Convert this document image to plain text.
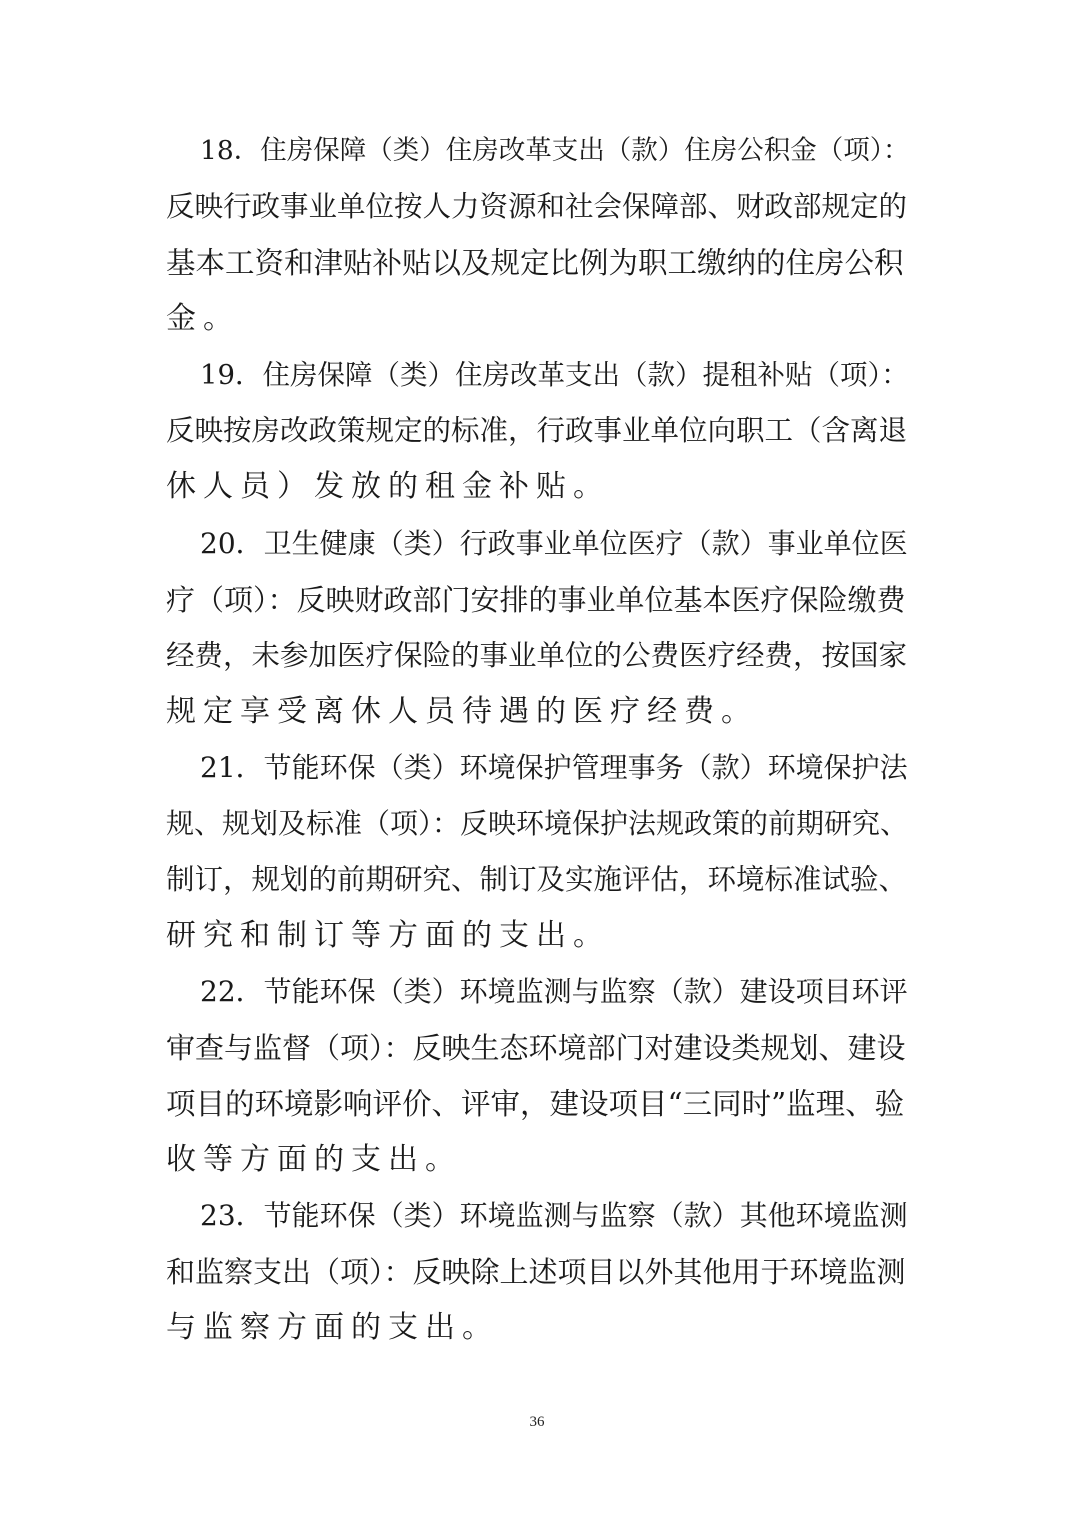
18．住房保障（类）住房改革支出（款）住房公积金（项）：
反映行政事业单位按人力资源和社会保障部、财政部规定的
基本工资和津贴补贴以及规定比例为职工缴纳的住房公积
金。
19．住房保障（类）住房改革支出（款）提租补贴（项）：
反映按房改政策规定的标准，行政事业单位向职工（含离退
休人员）发放的租金补贴。
20．卫生健康（类）行政事业单位医疗（款）事业单位医
疗（项）：反映财政部门安排的事业单位基本医疗保险缴费
经费，未参加医疗保险的事业单位的公费医疗经费，按国家
规定享受离休人员待遇的医疗经费。
21．节能环保（类）环境保护管理事务（款）环境保护法
规、规划及标准（项）：反映环境保护法规政策的前期研究、
制订，规划的前期研究、制订及实施评估，环境标准试验、
研究和制订等方面的支出。
22．节能环保（类）环境监测与监察（款）建设项目环评
审查与监督（项）：反映生态环境部门对建设类规划、建设
项目的环境影响评价、评审，建设项目“三同时”监理、验
收等方面的支出。
23．节能环保（类）环境监测与监察（款）其他环境监测
和监察支出（项）：反映除上述项目以外其他用于环境监测
与监察方面的支出。
36
